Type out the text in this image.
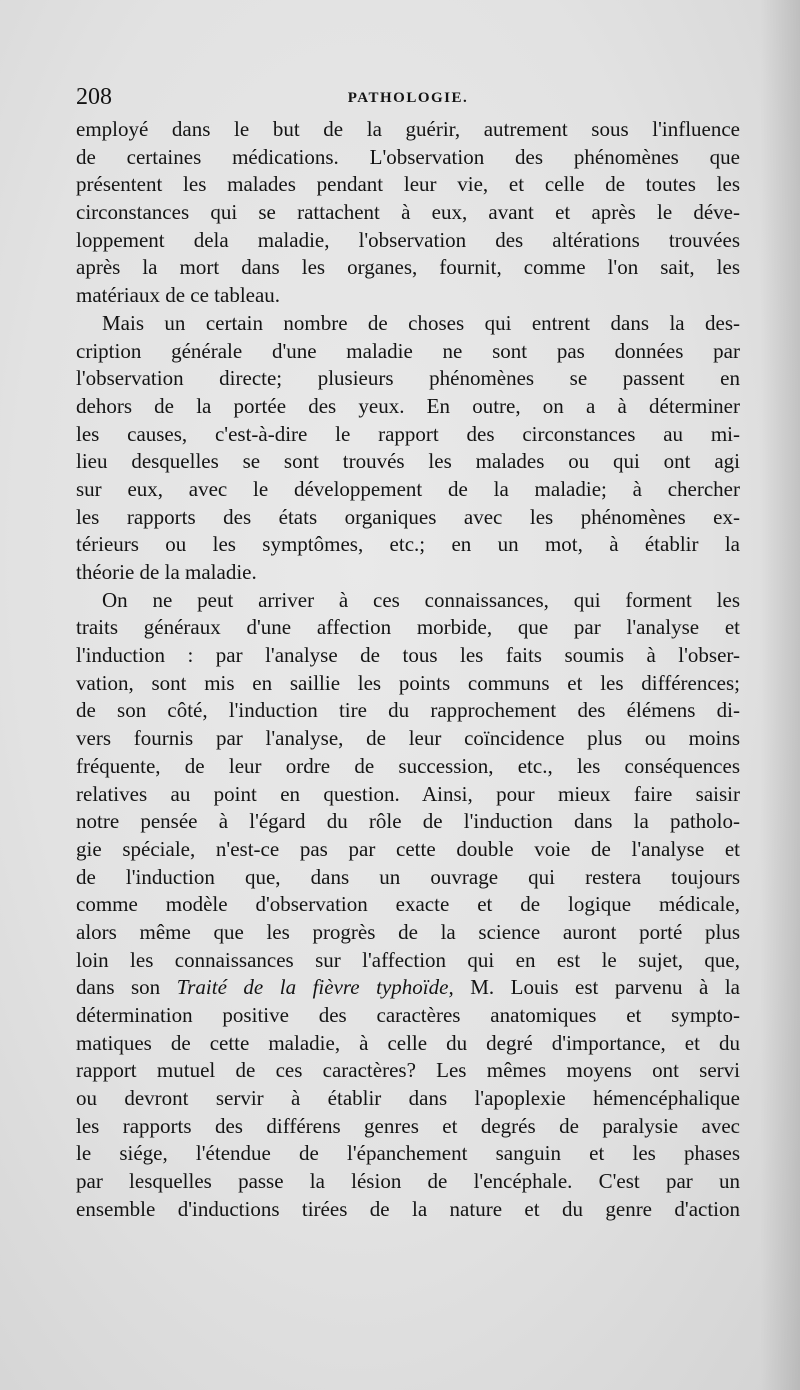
208	PATHOLOGIE.
employé dans le but de la guérir, autrement sous l'influence
de certaines médications. L'observation des phénomènes que
présentent les malades pendant leur vie, et celle de toutes les
circonstances qui se rattachent à eux, avant et après le déve-
loppement dela maladie, l'observation des altérations trouvées
après la mort dans les organes, fournit, comme l'on sait, les
matériaux de ce tableau.
Mais un certain nombre de choses qui entrent dans la des-
cription générale d'une maladie ne sont pas données par
l'observation directe; plusieurs phénomènes se passent en
dehors de la portée des yeux. En outre, on a à déterminer
les causes, c'est-à-dire le rapport des circonstances au mi-
lieu desquelles se sont trouvés les malades ou qui ont agi
sur eux, avec le développement de la maladie; à chercher
les rapports des états organiques avec les phénomènes ex-
térieurs ou les symptômes, etc.; en un mot, à établir la
théorie de la maladie.
On ne peut arriver à ces connaissances, qui forment les
traits généraux d'une affection morbide, que par l'analyse et
l'induction : par l'analyse de tous les faits soumis à l'obser-
vation, sont mis en saillie les points communs et les différences;
de son côté, l'induction tire du rapprochement des élémens di-
vers fournis par l'analyse, de leur coïncidence plus ou moins
fréquente, de leur ordre de succession, etc., les conséquences
relatives au point en question. Ainsi, pour mieux faire saisir
notre pensée à l'égard du rôle de l'induction dans la patholo-
gie spéciale, n'est-ce pas par cette double voie de l'analyse et
de l'induction que, dans un ouvrage qui restera toujours
comme modèle d'observation exacte et de logique médicale,
alors même que les progrès de la science auront porté plus
loin les connaissances sur l'affection qui en est le sujet, que,
dans son Traité de la fièvre typhoïde, M. Louis est parvenu à la
détermination positive des caractères anatomiques et sympto-
matiques de cette maladie, à celle du degré d'importance, et du
rapport mutuel de ces caractères? Les mêmes moyens ont servi
ou devront servir à établir dans l'apoplexie hémencéphalique
les rapports des différens genres et degrés de paralysie avec
le siége, l'étendue de l'épanchement sanguin et les phases
par lesquelles passe la lésion de l'encéphale. C'est par un
ensemble d'inductions tirées de la nature et du genre d'action
